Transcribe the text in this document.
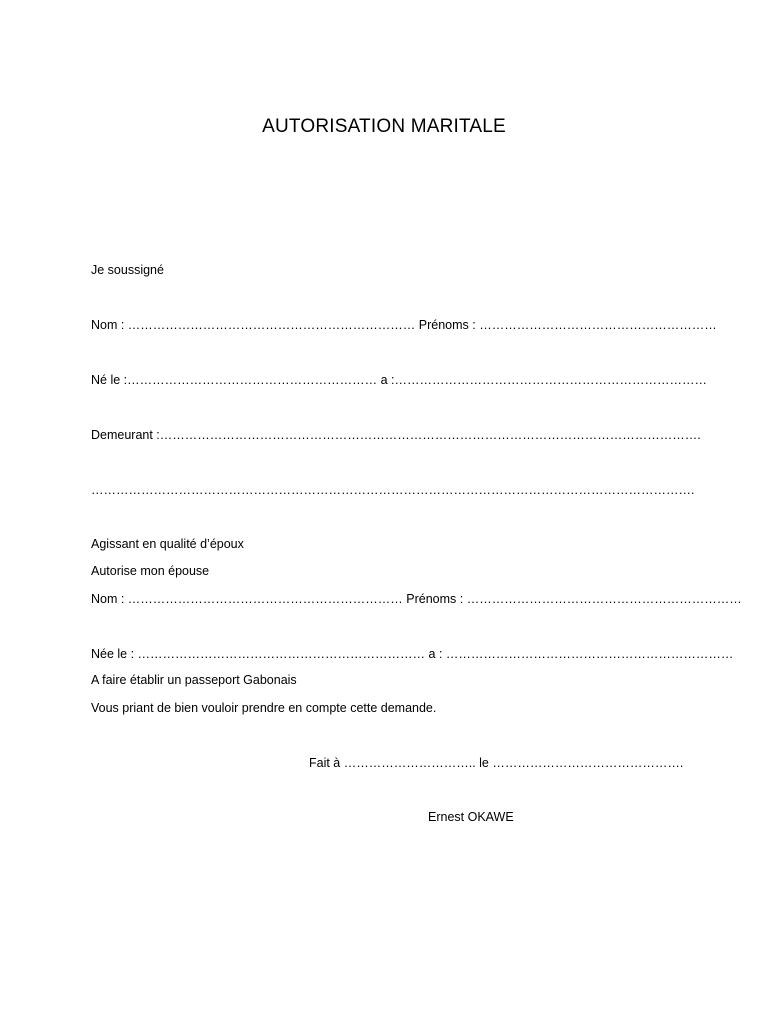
AUTORISATION MARITALE
Je soussigné
Nom : …………………………………………………………… Prénoms : …………………………………………………
Né le :…………………………………………………… a :…………………………………………………………………
Demeurant :………………………………………………………………………………………………………………….
……………………………………………………………………………………………………………………………….
Agissant en qualité d’époux
Autorise mon épouse
Nom : ………………………………………………………… Prénoms : …………………………………………………………
Née le : …………………………………………………………… a : ……………………………………………………………
A faire établir un passeport Gabonais
Vous priant de bien vouloir prendre en compte cette demande.
Fait à ………………………….. le ……………………………………….
Ernest OKAWE
